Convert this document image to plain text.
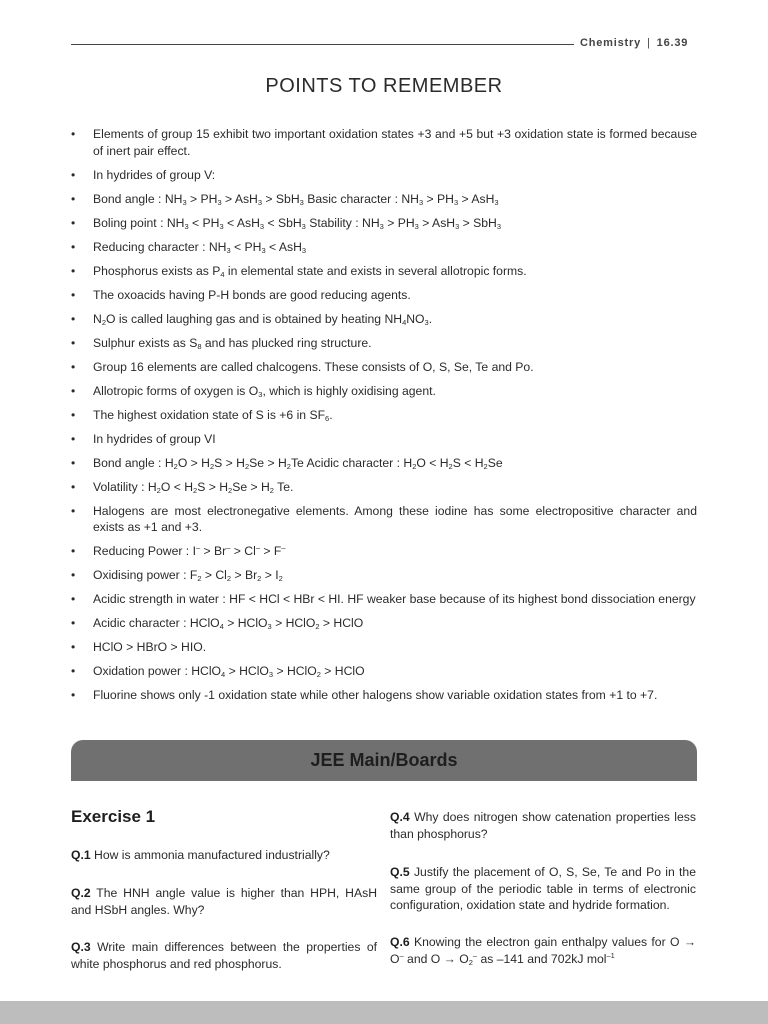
Chemistry | 16.39
POINTS TO REMEMBER
• Elements of group 15 exhibit two important oxidation states +3 and +5 but +3 oxidation state is formed because of inert pair effect.
• In hydrides of group V:
• Bond angle : $NH_3 > PH_3 > AsH_3 > SbH_3$ Basic character : $NH_3 > PH_3 > AsH_3$
• Boling point : $NH_3 < PH_3 < AsH_3 < SbH_3$ Stability : $NH_3 > PH_3 > AsH_3 > SbH_3$
• Reducing character : $NH_3 < PH_3 < AsH_3$
• Phosphorus exists as $P_4$ in elemental state and exists in several allotropic forms.
• The oxoacids having P-H bonds are good reducing agents.
• $N_2O$ is called laughing gas and is obtained by heating $NH_4NO_3$.
• Sulphur exists as $S_8$ and has plucked ring structure.
• Group 16 elements are called chalcogens. These consists of O, S, Se, Te and Po.
• Allotropic forms of oxygen is $O_3$, which is highly oxidising agent.
• The highest oxidation state of S is +6 in $SF_6$.
• In hydrides of group VI
• Bond angle : $H_2O > H_2S > H_2Se > H_2Te$ Acidic character : $H_2O < H_2S < H_2Se$
• Volatility : $H_2O < H_2S > H_2Se > H_2$ Te.
• Halogens are most electronegative elements. Among these iodine has some electropositive character and exists as +1 and +3.
• Reducing Power : I– > Br– > Cl– > F–
• Oxidising power : $F_2 > Cl_2 > Br_2 > I_2$
• Acidic strength in water : HF < HCl < HBr < HI. HF weaker base because of its highest bond dissociation energy
• Acidic character : HClO$_4$ > HClO$_3$ > HClO$_2$ > HClO
• HClO > HBrO > HIO.
• Oxidation power : HClO$_4$ > HClO$_3$ > HClO$_2$ > HClO
• Fluorine shows only -1 oxidation state while other halogens show variable oxidation states from +1 to +7.
JEE Main/Boards
Exercise 1
Q.1 How is ammonia manufactured industrially?
Q.2 The HNH angle value is higher than HPH, HAsH and HSbH angles. Why?
Q.3 Write main differences between the properties of white phosphorus and red phosphorus.
Q.4 Why does nitrogen show catenation properties less than phosphorus?
Q.5 Justify the placement of O, S, Se, Te and Po in the same group of the periodic table in terms of electronic configuration, oxidation state and hydride formation.
Q.6 Knowing the electron gain enthalpy values for O → O– and $O \to O_2^-$ as –141 and 702kJ mol$^{-1}$
